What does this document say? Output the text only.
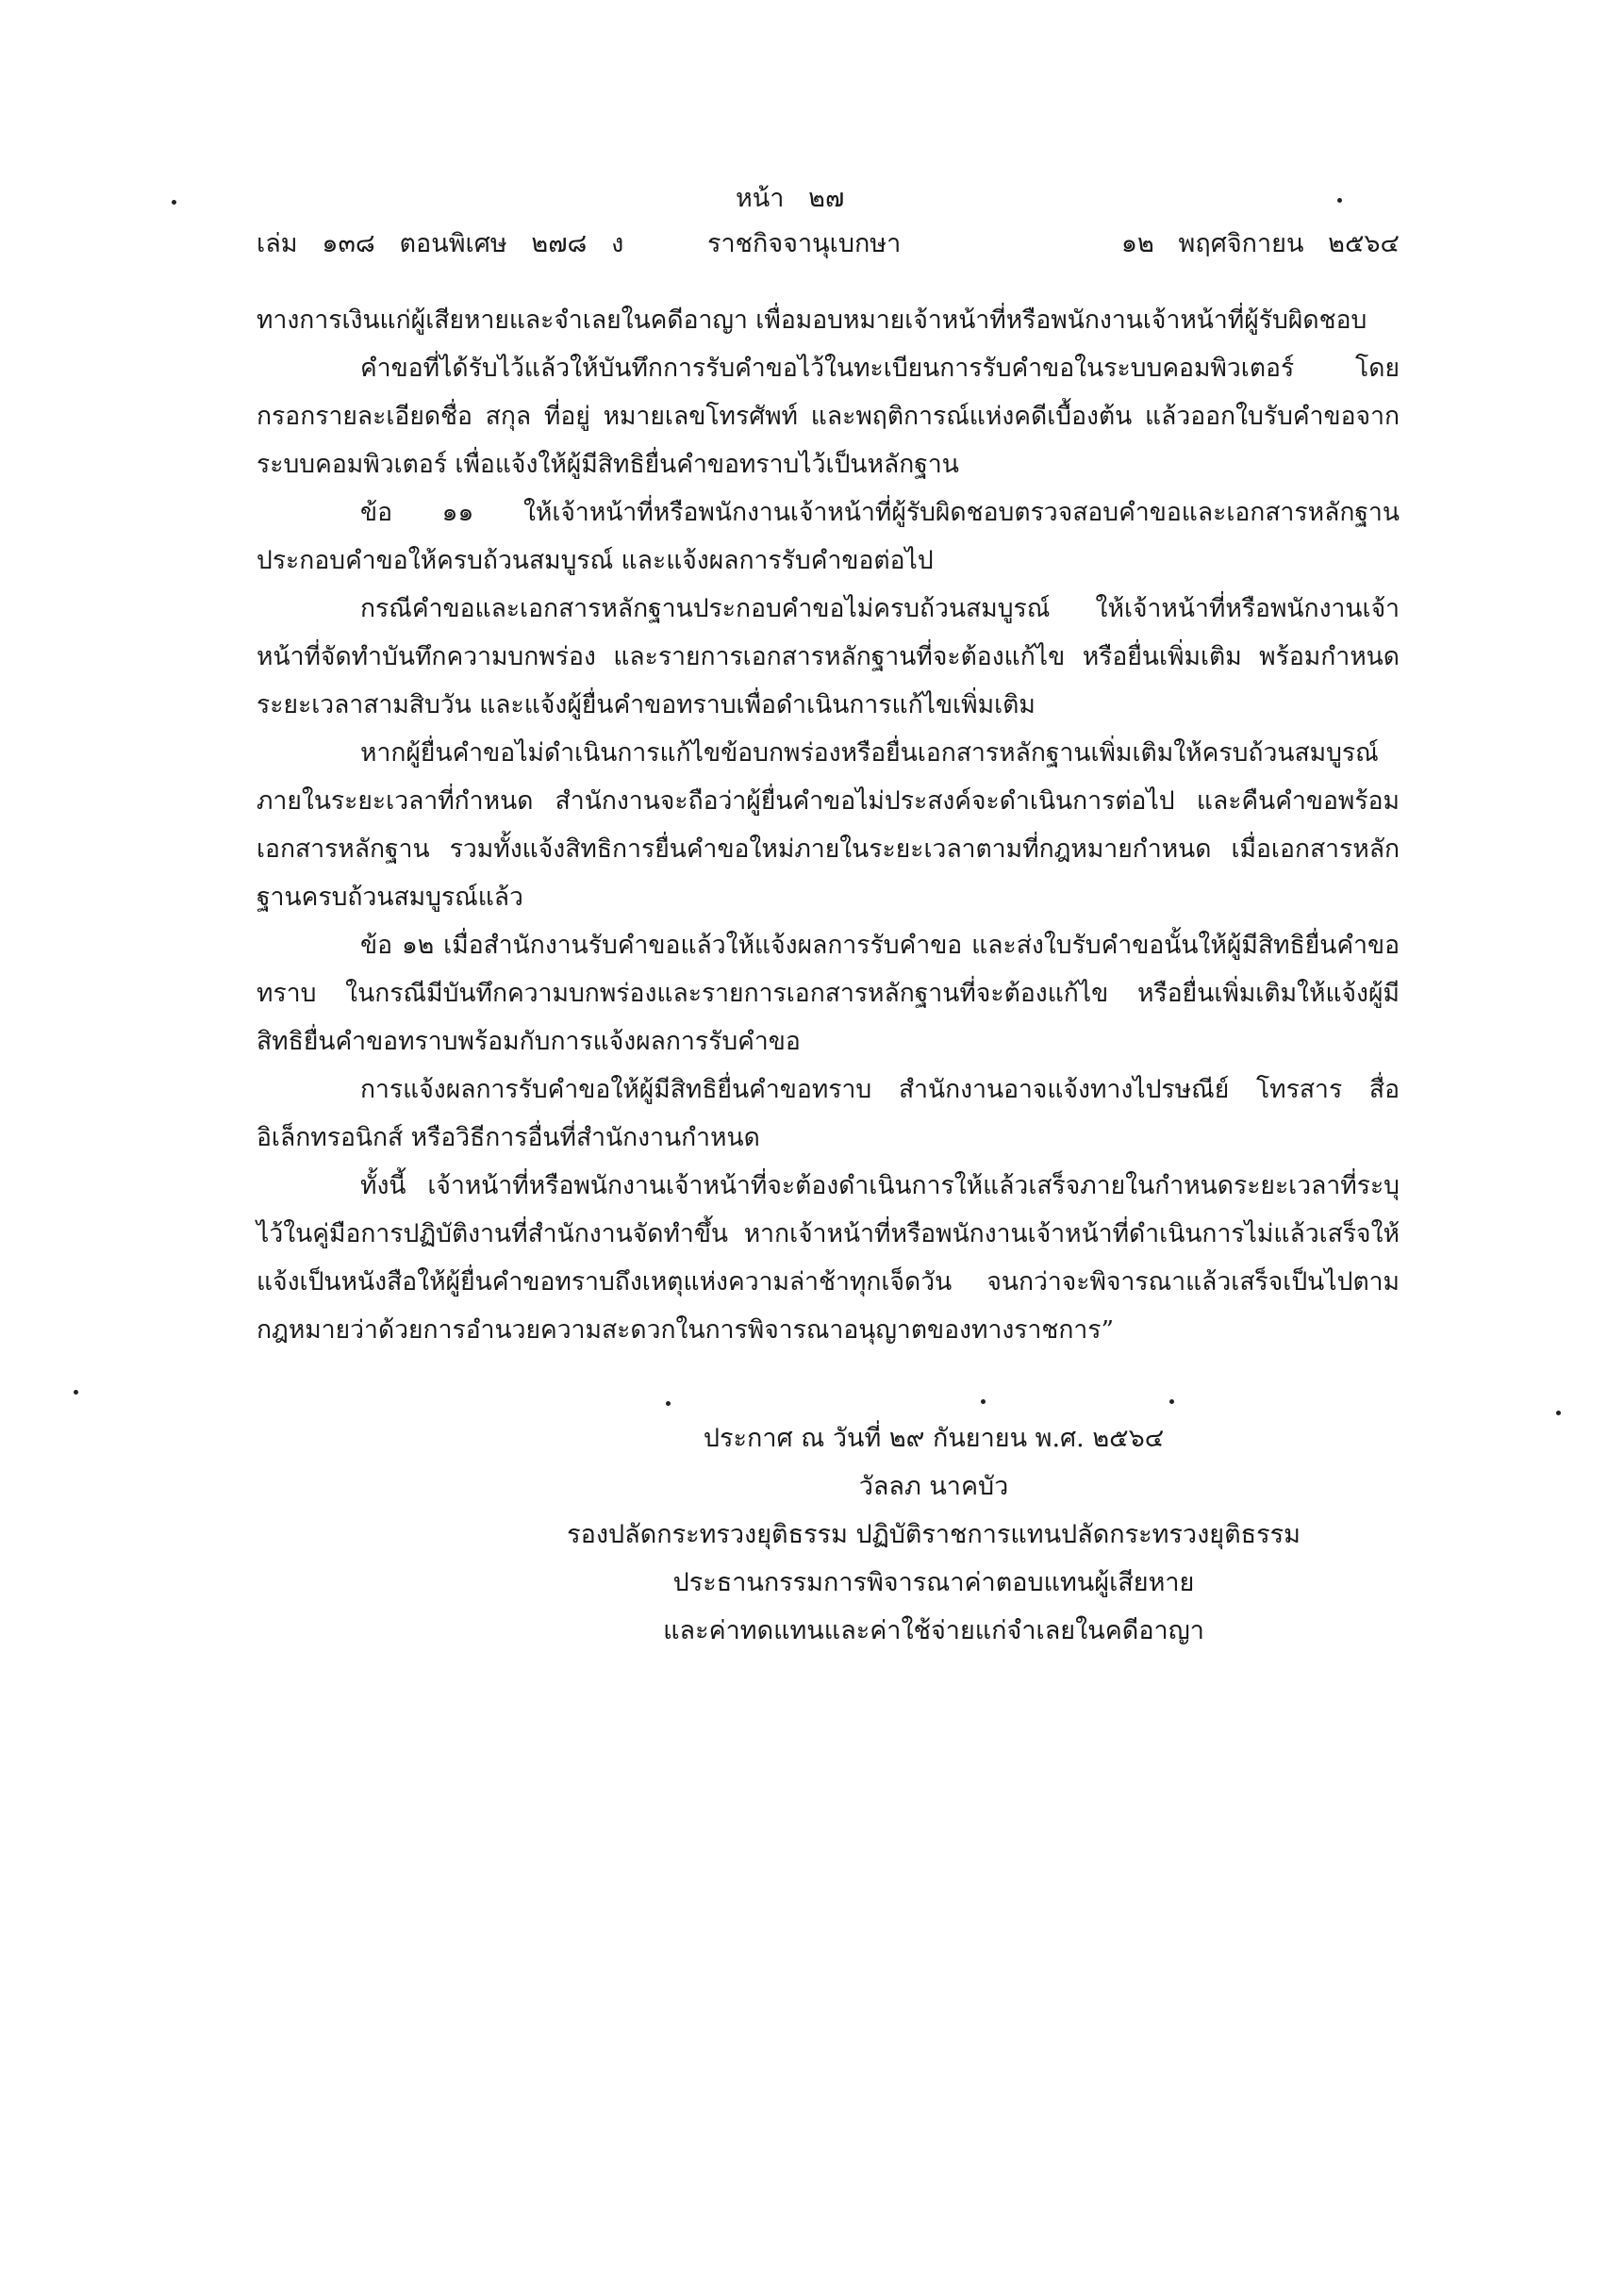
หน้า   ๒๗
เล่ม   ๑๓๘   ตอนพิเศษ   ๒๗๘   ง	ราชกิจจานุเบกษา	๑๒   พฤศจิกายน   ๒๕๖๔

ทางการเงินแก่ผู้เสียหายและจำเลยในคดีอาญา เพื่อมอบหมายเจ้าหน้าที่หรือพนักงานเจ้าหน้าที่ผู้รับผิดชอบ

คำขอที่ได้รับไว้แล้วให้บันทึกการรับคำขอไว้ในทะเบียนการรับคำขอในระบบคอมพิวเตอร์ โดยกรอกรายละเอียดชื่อ สกุล ที่อยู่ หมายเลขโทรศัพท์ และพฤติการณ์แห่งคดีเบื้องต้น แล้วออกใบรับคำขอจากระบบคอมพิวเตอร์ เพื่อแจ้งให้ผู้มีสิทธิยื่นคำขอทราบไว้เป็นหลักฐาน

ข้อ ๑๑ ให้เจ้าหน้าที่หรือพนักงานเจ้าหน้าที่ผู้รับผิดชอบตรวจสอบคำขอและเอกสารหลักฐานประกอบคำขอให้ครบถ้วนสมบูรณ์ และแจ้งผลการรับคำขอต่อไป

กรณีคำขอและเอกสารหลักฐานประกอบคำขอไม่ครบถ้วนสมบูรณ์ ให้เจ้าหน้าที่หรือพนักงานเจ้าหน้าที่จัดทำบันทึกความบกพร่อง และรายการเอกสารหลักฐานที่จะต้องแก้ไข หรือยื่นเพิ่มเติม พร้อมกำหนดระยะเวลาสามสิบวัน และแจ้งผู้ยื่นคำขอทราบเพื่อดำเนินการแก้ไขเพิ่มเติม

หากผู้ยื่นคำขอไม่ดำเนินการแก้ไขข้อบกพร่องหรือยื่นเอกสารหลักฐานเพิ่มเติมให้ครบถ้วนสมบูรณ์ภายในระยะเวลาที่กำหนด สำนักงานจะถือว่าผู้ยื่นคำขอไม่ประสงค์จะดำเนินการต่อไป และคืนคำขอพร้อมเอกสารหลักฐาน รวมทั้งแจ้งสิทธิการยื่นคำขอใหม่ภายในระยะเวลาตามที่กฎหมายกำหนด เมื่อเอกสารหลักฐานครบถ้วนสมบูรณ์แล้ว

ข้อ ๑๒ เมื่อสำนักงานรับคำขอแล้วให้แจ้งผลการรับคำขอ และส่งใบรับคำขอนั้นให้ผู้มีสิทธิยื่นคำขอทราบ ในกรณีมีบันทึกความบกพร่องและรายการเอกสารหลักฐานที่จะต้องแก้ไข หรือยื่นเพิ่มเติมให้แจ้งผู้มีสิทธิยื่นคำขอทราบพร้อมกับการแจ้งผลการรับคำขอ

การแจ้งผลการรับคำขอให้ผู้มีสิทธิยื่นคำขอทราบ สำนักงานอาจแจ้งทางไปรษณีย์ โทรสาร สื่ออิเล็กทรอนิกส์ หรือวิธีการอื่นที่สำนักงานกำหนด

ทั้งนี้ เจ้าหน้าที่หรือพนักงานเจ้าหน้าที่จะต้องดำเนินการให้แล้วเสร็จภายในกำหนดระยะเวลาที่ระบุไว้ในคู่มือการปฏิบัติงานที่สำนักงานจัดทำขึ้น หากเจ้าหน้าที่หรือพนักงานเจ้าหน้าที่ดำเนินการไม่แล้วเสร็จให้แจ้งเป็นหนังสือให้ผู้ยื่นคำขอทราบถึงเหตุแห่งความล่าช้าทุกเจ็ดวัน จนกว่าจะพิจารณาแล้วเสร็จเป็นไปตามกฎหมายว่าด้วยการอำนวยความสะดวกในการพิจารณาอนุญาตของทางราชการ”

ประกาศ ณ วันที่ ๒๙ กันยายน พ.ศ. ๒๕๖๔
วัลลภ นาคบัว
รองปลัดกระทรวงยุติธรรม ปฏิบัติราชการแทนปลัดกระทรวงยุติธรรม
ประธานกรรมการพิจารณาค่าตอบแทนผู้เสียหาย
และค่าทดแทนและค่าใช้จ่ายแก่จำเลยในคดีอาญา
